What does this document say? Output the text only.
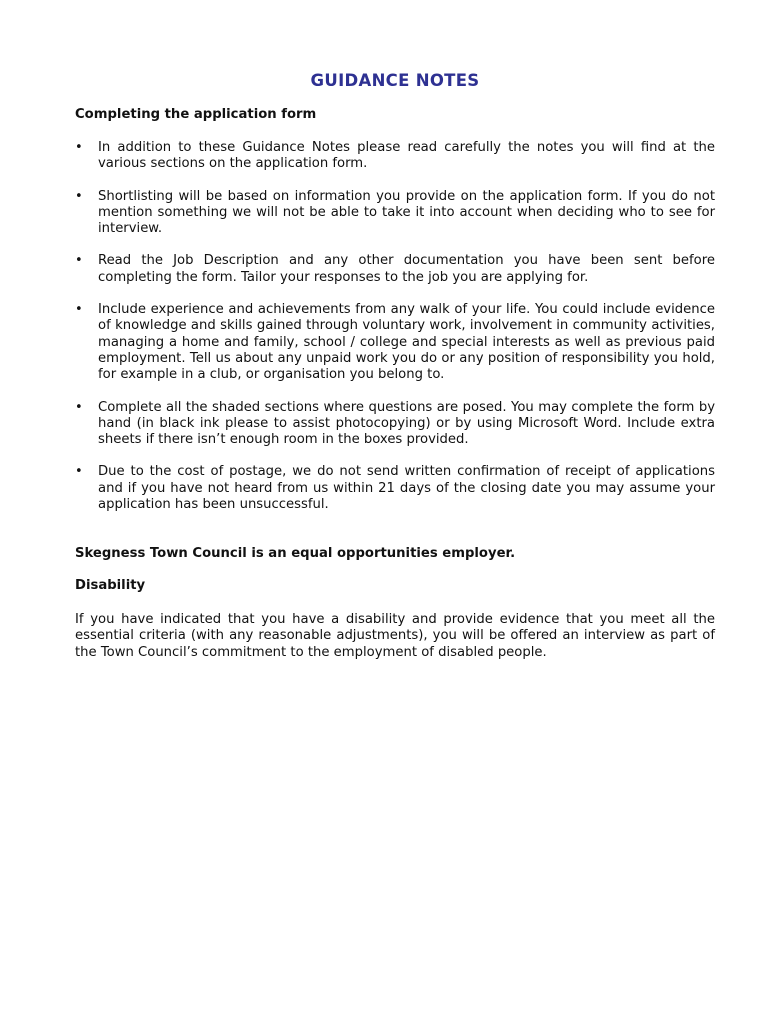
GUIDANCE NOTES
Completing the application form
• In addition to these Guidance Notes please read carefully the notes you will find at the various sections on the application form.
• Shortlisting will be based on information you provide on the application form. If you do not mention something we will not be able to take it into account when deciding who to see for interview.
• Read the Job Description and any other documentation you have been sent before completing the form. Tailor your responses to the job you are applying for.
• Include experience and achievements from any walk of your life. You could include evidence of knowledge and skills gained through voluntary work, involvement in community activities, managing a home and family, school / college and special interests as well as previous paid employment. Tell us about any unpaid work you do or any position of responsibility you hold, for example in a club, or organisation you belong to.
• Complete all the shaded sections where questions are posed. You may complete the form by hand (in black ink please to assist photocopying) or by using Microsoft Word. Include extra sheets if there isn’t enough room in the boxes provided.
• Due to the cost of postage, we do not send written confirmation of receipt of applications and if you have not heard from us within 21 days of the closing date you may assume your application has been unsuccessful.

Skegness Town Council is an equal opportunities employer.

Disability

If you have indicated that you have a disability and provide evidence that you meet all the essential criteria (with any reasonable adjustments), you will be offered an interview as part of the Town Council’s commitment to the employment of disabled people.
